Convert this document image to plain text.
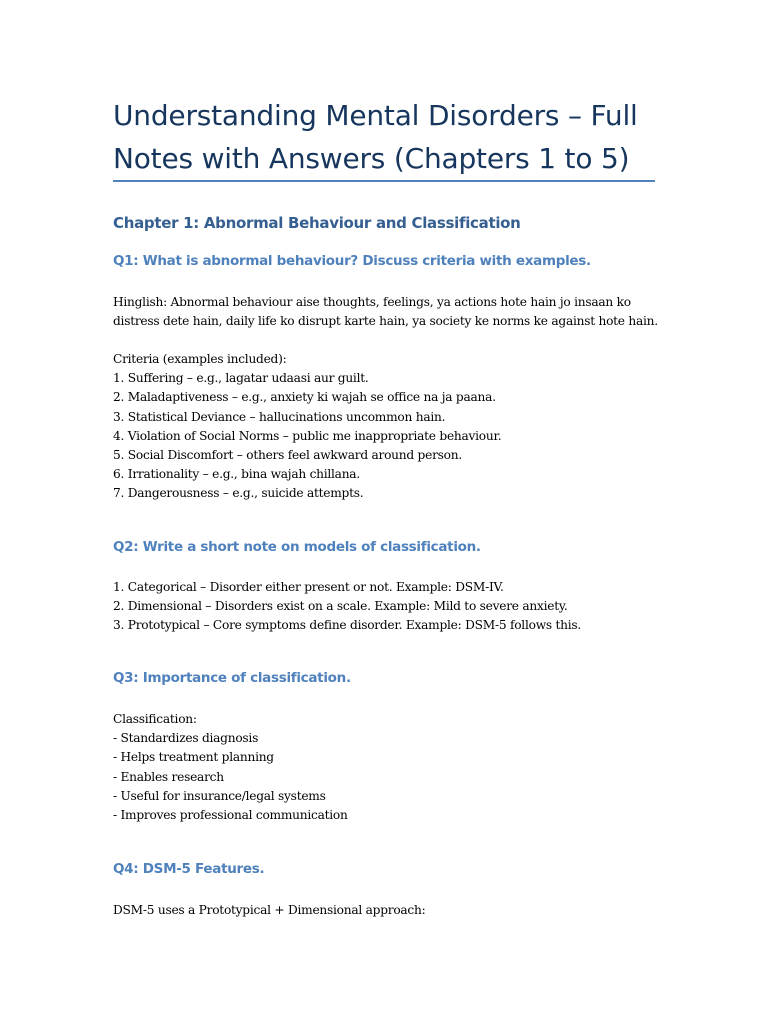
Understanding Mental Disorders – Full
Notes with Answers (Chapters 1 to 5)
Chapter 1: Abnormal Behaviour and Classification
Q1: What is abnormal behaviour? Discuss criteria with examples.
Hinglish: Abnormal behaviour aise thoughts, feelings, ya actions hote hain jo insaan ko
distress dete hain, daily life ko disrupt karte hain, ya society ke norms ke against hote hain.
Criteria (examples included):
1. Suffering – e.g., lagatar udaasi aur guilt.
2. Maladaptiveness – e.g., anxiety ki wajah se office na ja paana.
3. Statistical Deviance – hallucinations uncommon hain.
4. Violation of Social Norms – public me inappropriate behaviour.
5. Social Discomfort – others feel awkward around person.
6. Irrationality – e.g., bina wajah chillana.
7. Dangerousness – e.g., suicide attempts.
Q2: Write a short note on models of classification.
1. Categorical – Disorder either present or not. Example: DSM-IV.
2. Dimensional – Disorders exist on a scale. Example: Mild to severe anxiety.
3. Prototypical – Core symptoms define disorder. Example: DSM-5 follows this.
Q3: Importance of classification.
Classification:
- Standardizes diagnosis
- Helps treatment planning
- Enables research
- Useful for insurance/legal systems
- Improves professional communication
Q4: DSM-5 Features.
DSM-5 uses a Prototypical + Dimensional approach:
